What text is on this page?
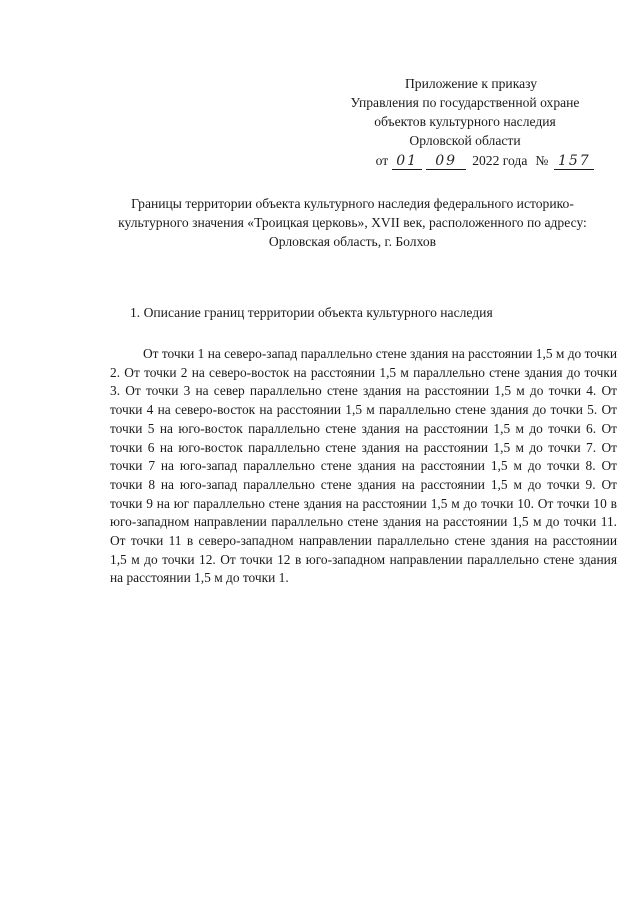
Приложение к приказу
Управления по государственной охране
объектов культурного наследия
Орловской области
от 01	09	2022 года № 157
Границы территории объекта культурного наследия федерального историко-
культурного значения «Троицкая церковь», XVII век, расположенного по адресу:
Орловская область, г. Болхов
1. Описание границ территории объекта культурного наследия

От точки 1 на северо-запад параллельно стене здания на расстоянии 1,5 м до точки 2. От точки 2 на северо-восток на расстоянии 1,5 м параллельно стене здания до точки 3. От точки 3 на север параллельно стене здания на расстоянии 1,5 м до точки 4. От точки 4 на северо-восток на расстоянии 1,5 м параллельно стене здания до точки 5. От точки 5 на юго-восток параллельно стене здания на расстоянии 1,5 м до точки 6. От точки 6 на юго-восток параллельно стене здания на расстоянии 1,5 м до точки 7. От точки 7 на юго-запад параллельно стене здания на расстоянии 1,5 м до точки 8. От точки 8 на юго-запад параллельно стене здания на расстоянии 1,5 м до точки 9. От точки 9 на юг параллельно стене здания на расстоянии 1,5 м до точки 10. От точки 10 в юго-западном направлении параллельно стене здания на расстоянии 1,5 м до точки 11. От точки 11 в северо-западном направлении параллельно стене здания на расстоянии 1,5 м до точки 12. От точки 12 в юго-западном направлении параллельно стене здания на расстоянии 1,5 м до точки 1.
